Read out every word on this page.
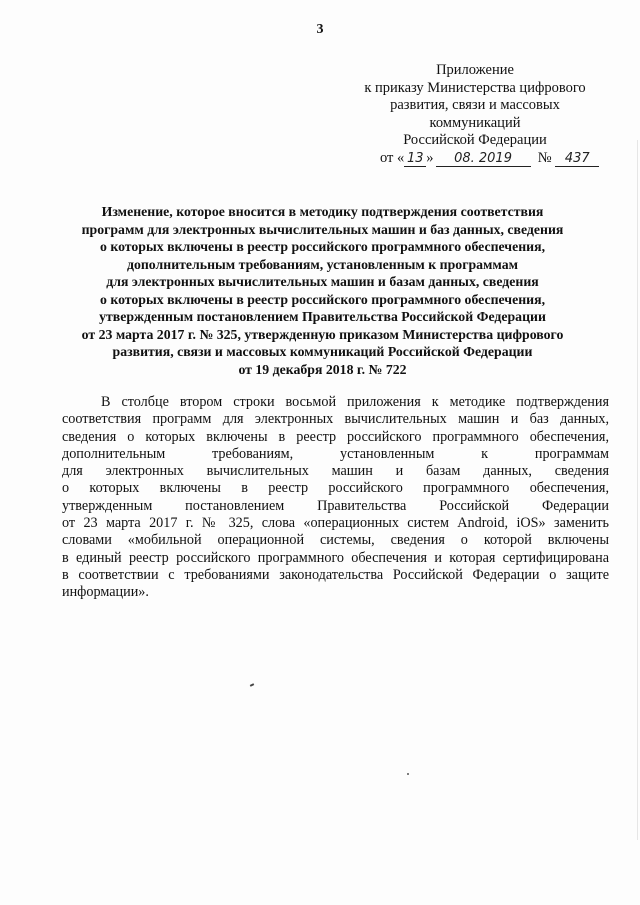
3
Приложение
к приказу Министерства цифрового
развития, связи и массовых
коммуникаций
Российской Федерации
от « 13 » 08. 2019 № 437
Изменение, которое вносится в методику подтверждения соответствия
программ для электронных вычислительных машин и баз данных, сведения
о которых включены в реестр российского программного обеспечения,
дополнительным требованиям, установленным к программам
для электронных вычислительных машин и базам данных, сведения
о которых включены в реестр российского программного обеспечения,
утвержденным постановлением Правительства Российской Федерации
от 23 марта 2017 г. № 325, утвержденную приказом Министерства цифрового
развития, связи и массовых коммуникаций Российской Федерации
от 19 декабря 2018 г. № 722
В столбце втором строки восьмой приложения к методике подтверждения
соответствия программ для электронных вычислительных машин и баз данных,
сведения о которых включены в реестр российского программного обеспечения,
дополнительным требованиям, установленным к программам
для электронных вычислительных машин и базам данных, сведения
о которых включены в реестр российского программного обеспечения,
утвержденным постановлением Правительства Российской Федерации
от 23 марта 2017 г. № 325, слова «операционных систем Android, iOS» заменить
словами «мобильной операционной системы, сведения о которой включены
в единый реестр российского программного обеспечения и которая сертифицирована
в соответствии с требованиями законодательства Российской Федерации о защите
информации».
